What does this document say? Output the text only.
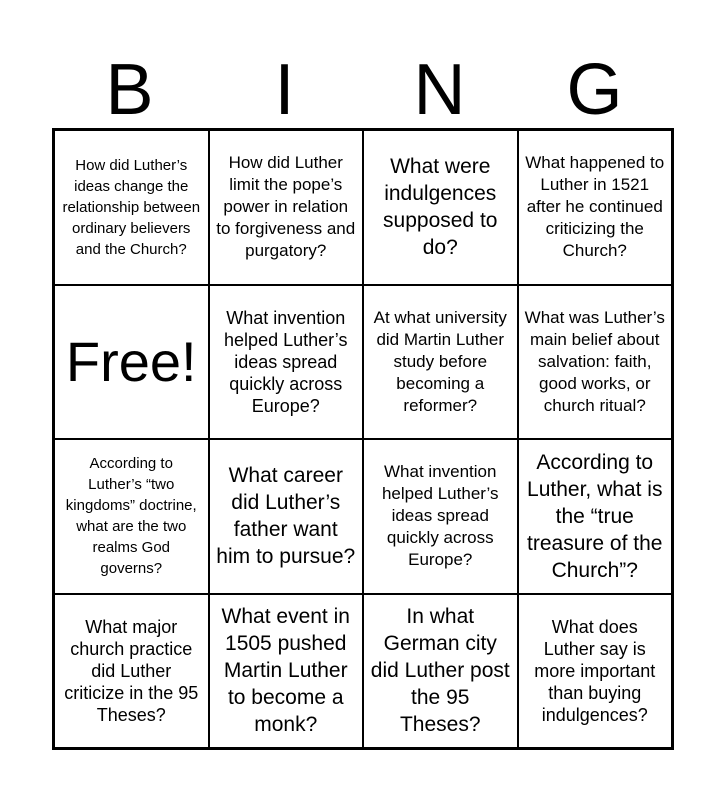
B	I	N	G
How did Luther’s ideas change the relationship between ordinary believers and the Church?
How did Luther limit the pope’s power in relation to forgiveness and purgatory?
What were indulgences supposed to do?
What happened to Luther in 1521 after he continued criticizing the Church?
Free!
What invention helped Luther’s ideas spread quickly across Europe?
At what university did Martin Luther study before becoming a reformer?
What was Luther’s main belief about salvation: faith, good works, or church ritual?
According to Luther’s “two kingdoms” doctrine, what are the two realms God governs?
What career did Luther’s father want him to pursue?
What invention helped Luther’s ideas spread quickly across Europe?
According to Luther, what is the “true treasure of the Church”?
What major church practice did Luther criticize in the 95 Theses?
What event in 1505 pushed Martin Luther to become a monk?
In what German city did Luther post the 95 Theses?
What does Luther say is more important than buying indulgences?
